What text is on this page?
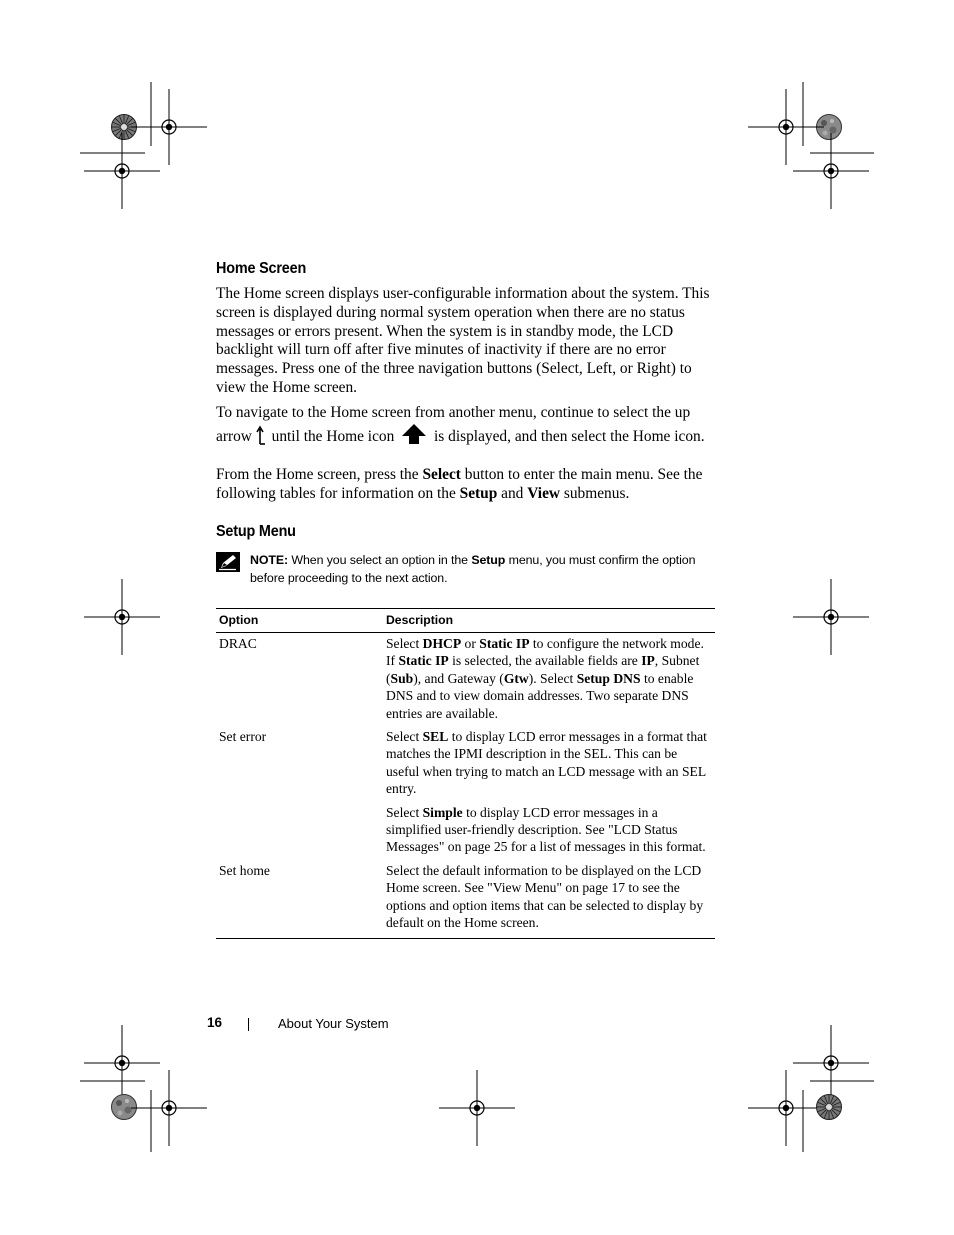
Home Screen

The Home screen displays user-configurable information about the system. This screen is displayed during normal system operation when there are no status messages or errors present. When the system is in standby mode, the LCD backlight will turn off after five minutes of inactivity if there are no error messages. Press one of the three navigation buttons (Select, Left, or Right) to view the Home screen.

To navigate to the Home screen from another menu, continue to select the up arrow until the Home icon	is displayed, and then select the Home icon.

From the Home screen, press the Select button to enter the main menu. See the following tables for information on the Setup and View submenus.

Setup Menu
NOTE: When you select an option in the Setup menu, you must confirm the option before proceeding to the next action.
Option	Description
DRAC	Select DHCP or Static IP to configure the network mode. If Static IP is selected, the available fields are IP, Subnet (Sub), and Gateway (Gtw). Select Setup DNS to enable DNS and to view domain addresses. Two separate DNS entries are available.

Set error	Select SEL to display LCD error messages in a format that matches the IPMI description in the SEL. This can be useful when trying to match an LCD message with an SEL entry.

Select Simple to display LCD error messages in a simplified user-friendly description. See "LCD Status Messages" on page 25 for a list of messages in this format.

Set home	Select the default information to be displayed on the LCD Home screen. See "View Menu" on page 17 to see the options and option items that can be selected to display by default on the Home screen.

16	About Your System
